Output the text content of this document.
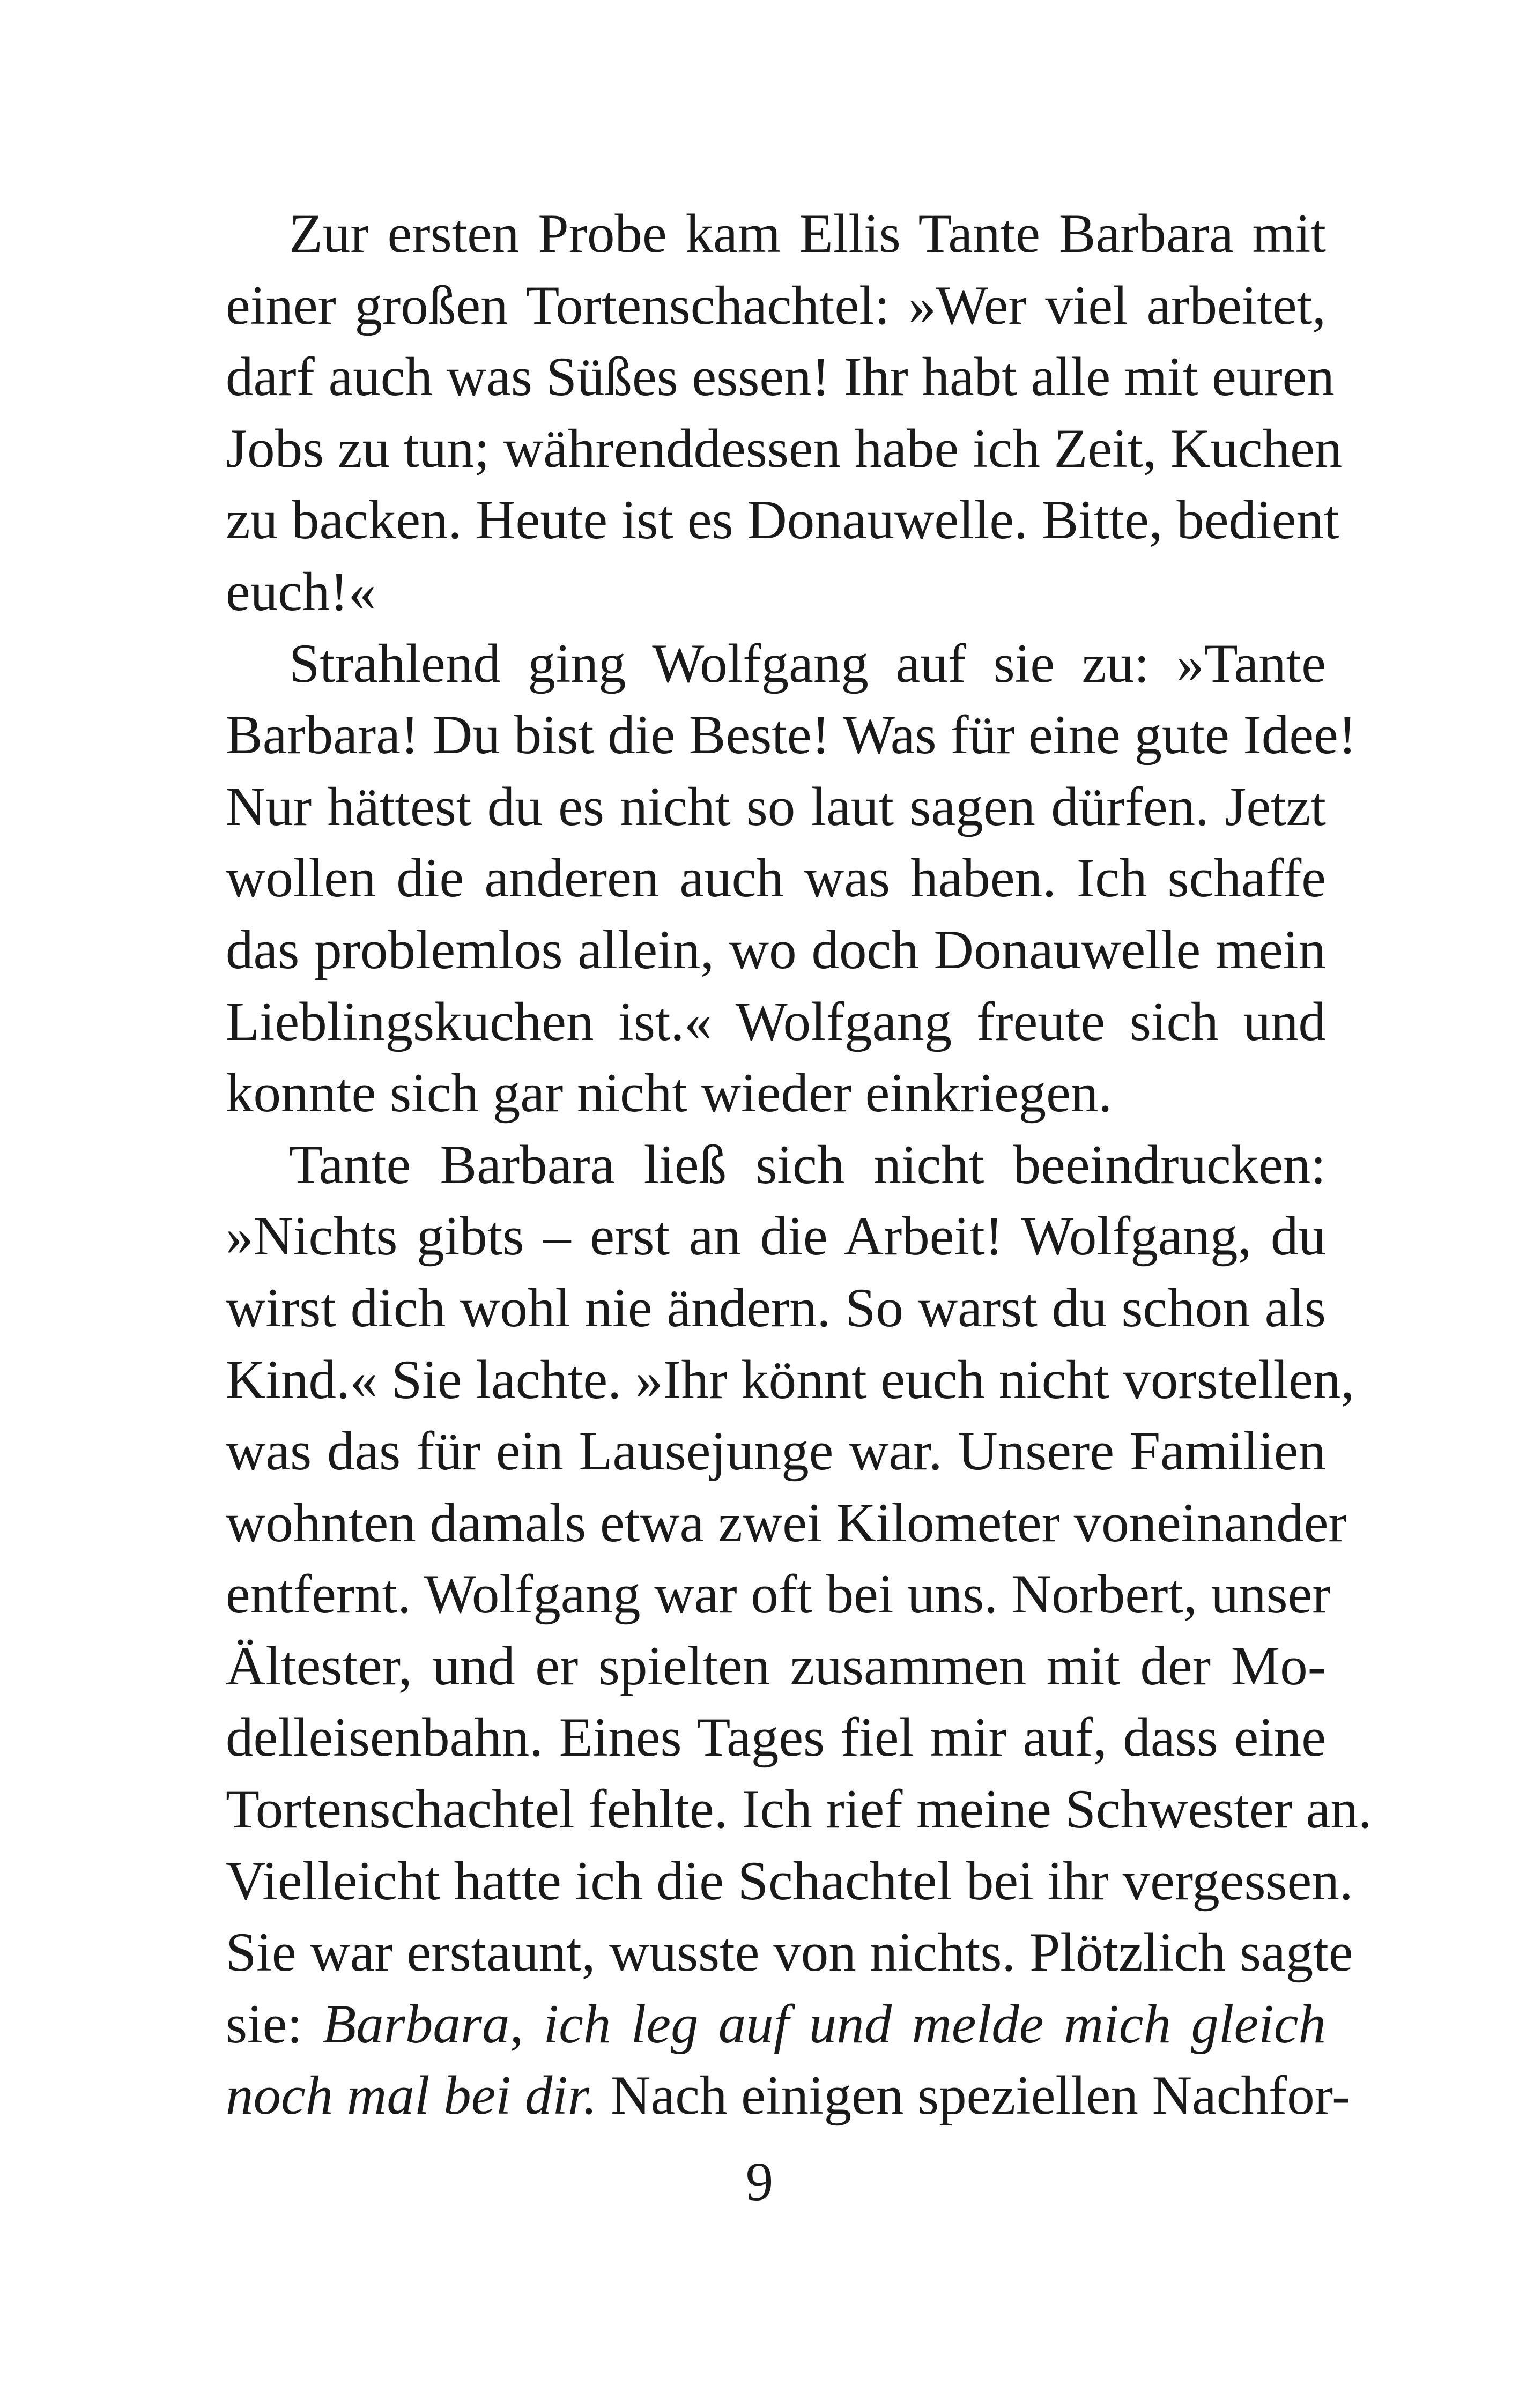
Zur ersten Probe kam Ellis Tante Barbara mit
einer großen Tortenschachtel: »Wer viel arbeitet,
darf auch was Süßes essen! Ihr habt alle mit euren
Jobs zu tun; währenddessen habe ich Zeit, Kuchen
zu backen. Heute ist es Donauwelle. Bitte, bedient
euch!«
Strahlend ging Wolfgang auf sie zu: »Tante
Barbara! Du bist die Beste! Was für eine gute Idee!
Nur hättest du es nicht so laut sagen dürfen. Jetzt
wollen die anderen auch was haben. Ich schaffe
das problemlos allein, wo doch Donauwelle mein
Lieblingskuchen ist.« Wolfgang freute sich und
konnte sich gar nicht wieder einkriegen.
Tante Barbara ließ sich nicht beeindrucken:
»Nichts gibts – erst an die Arbeit! Wolfgang, du
wirst dich wohl nie ändern. So warst du schon als
Kind.« Sie lachte. »Ihr könnt euch nicht vorstellen,
was das für ein Lausejunge war. Unsere Familien
wohnten damals etwa zwei Kilometer voneinander
entfernt. Wolfgang war oft bei uns. Norbert, unser
Ältester, und er spielten zusammen mit der Mo-
delleisenbahn. Eines Tages fiel mir auf, dass eine
Tortenschachtel fehlte. Ich rief meine Schwester an.
Vielleicht hatte ich die Schachtel bei ihr vergessen.
Sie war erstaunt, wusste von nichts. Plötzlich sagte
sie: Barbara, ich leg auf und melde mich gleich
noch mal bei dir. Nach einigen speziellen Nachfor-
9
